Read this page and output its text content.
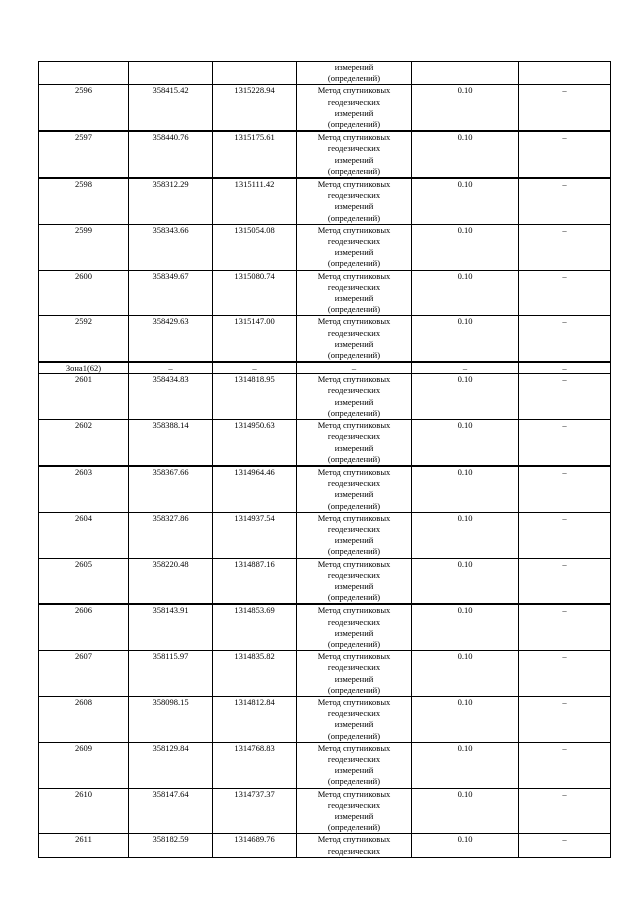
			измерений
(определений)		
2596	358415.42	1315228.94	Метод спутниковых
геодезических
измерений
(определений)	0.10	–
2597	358440.76	1315175.61	Метод спутниковых
геодезических
измерений
(определений)	0.10	–
2598	358312.29	1315111.42	Метод спутниковых
геодезических
измерений
(определений)	0.10	–
2599	358343.66	1315054.08	Метод спутниковых
геодезических
измерений
(определений)	0.10	–
2600	358349.67	1315080.74	Метод спутниковых
геодезических
измерений
(определений)	0.10	–
2592	358429.63	1315147.00	Метод спутниковых
геодезических
измерений
(определений)	0.10	–
Зона1(62)	–	–	–	–	–
2601	358434.83	1314818.95	Метод спутниковых
геодезических
измерений
(определений)	0.10	–
2602	358388.14	1314950.63	Метод спутниковых
геодезических
измерений
(определений)	0.10	–
2603	358367.66	1314964.46	Метод спутниковых
геодезических
измерений
(определений)	0.10	–
2604	358327.86	1314937.54	Метод спутниковых
геодезических
измерений
(определений)	0.10	–
2605	358220.48	1314887.16	Метод спутниковых
геодезических
измерений
(определений)	0.10	–
2606	358143.91	1314853.69	Метод спутниковых
геодезических
измерений
(определений)	0.10	–
2607	358115.97	1314835.82	Метод спутниковых
геодезических
измерений
(определений)	0.10	–
2608	358098.15	1314812.84	Метод спутниковых
геодезических
измерений
(определений)	0.10	–
2609	358129.84	1314768.83	Метод спутниковых
геодезических
измерений
(определений)	0.10	–
2610	358147.64	1314737.37	Метод спутниковых
геодезических
измерений
(определений)	0.10	–
2611	358182.59	1314689.76	Метод спутниковых
геодезических	0.10	–
